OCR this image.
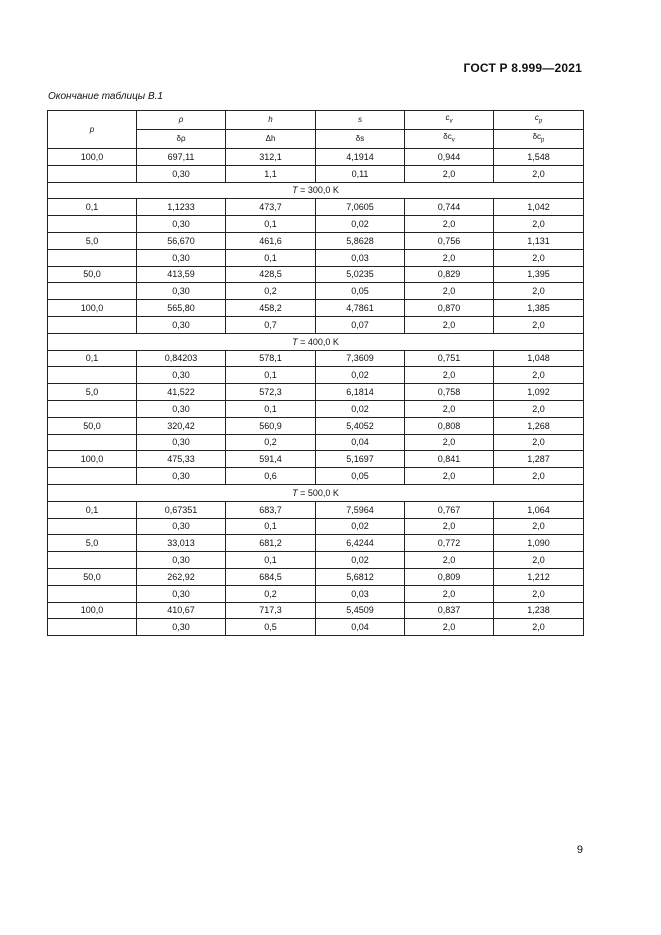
ГОСТ Р 8.999—2021
Окончание таблицы В.1
p	ρ	h	s	$c_v$	$c_p$
	δρ	Δh	δs	$\delta c_v$	$\delta c_p$
100,0	697,11	312,1	4,1914	0,944	1,548
	0,30	1,1	0,11	2,0	2,0
T = 300,0 K					
0,1	1,1233	473,7	7,0605	0,744	1,042
	0,30	0,1	0,02	2,0	2,0
5,0	56,670	461,6	5,8628	0,756	1,131
	0,30	0,1	0,03	2,0	2,0
50,0	413,59	428,5	5,0235	0,829	1,395
	0,30	0,2	0,05	2,0	2,0
100,0	565,80	458,2	4,7861	0,870	1,385
	0,30	0,7	0,07	2,0	2,0
T = 400,0 K					
0,1	0,84203	578,1	7,3609	0,751	1,048
	0,30	0,1	0,02	2,0	2,0
5,0	41,522	572,3	6,1814	0,758	1,092
	0,30	0,1	0,02	2,0	2,0
50,0	320,42	560,9	5,4052	0,808	1,268
	0,30	0,2	0,04	2,0	2,0
100,0	475,33	591,4	5,1697	0,841	1,287
	0,30	0,6	0,05	2,0	2,0
T = 500,0 K					
0,1	0,67351	683,7	7,5964	0,767	1,064
	0,30	0,1	0,02	2,0	2,0
5,0	33,013	681,2	6,4244	0,772	1,090
	0,30	0,1	0,02	2,0	2,0
50,0	262,92	684,5	5,6812	0,809	1,212
	0,30	0,2	0,03	2,0	2,0
100,0	410,67	717,3	5,4509	0,837	1,238
	0,30	0,5	0,04	2,0	2,0
9
